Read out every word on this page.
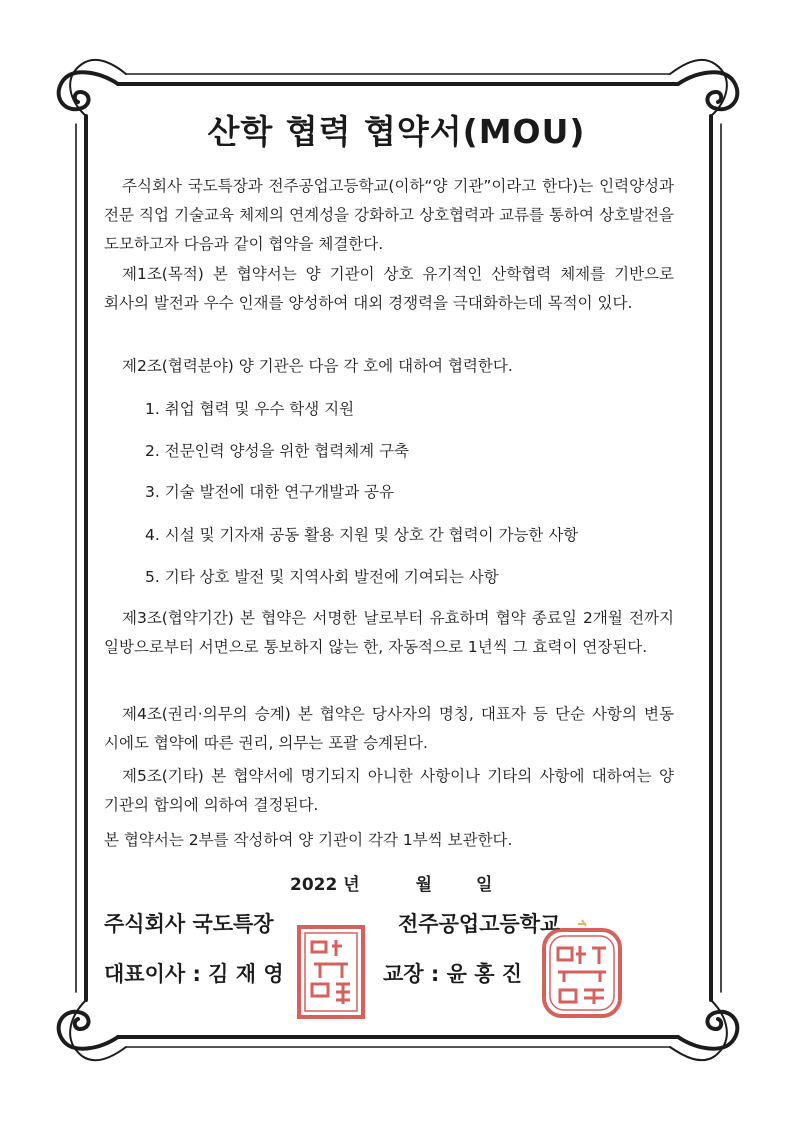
산학 협력 협약서(MOU)
주식회사 국도특장과 전주공업고등학교(이하“양 기관”이라고 한다)는 인력양성과 전문 직업 기술교육 체제의 연계성을 강화하고 상호협력과 교류를 통하여 상호발전을 도모하고자 다음과 같이 협약을 체결한다.
제1조(목적) 본 협약서는 양 기관이 상호 유기적인 산학협력 체제를 기반으로 회사의 발전과 우수 인재를 양성하여 대외 경쟁력을 극대화하는데 목적이 있다.
제2조(협력분야) 양 기관은 다음 각 호에 대하여 협력한다.
1. 취업 협력 및 우수 학생 지원
2. 전문인력 양성을 위한 협력체계 구축
3. 기술 발전에 대한 연구개발과 공유
4. 시설 및 기자재 공동 활용 지원 및 상호 간 협력이 가능한 사항
5. 기타 상호 발전 및 지역사회 발전에 기여되는 사항
제3조(협약기간) 본 협약은 서명한 날로부터 유효하며 협약 종료일 2개월 전까지 일방으로부터 서면으로 통보하지 않는 한, 자동적으로 1년씩 그 효력이 연장된다.
제4조(권리·의무의 승계) 본 협약은 당사자의 명칭, 대표자 등 단순 사항의 변동 시에도 협약에 따른 권리, 의무는 포괄 승계된다.
제5조(기타) 본 협약서에 명기되지 아니한 사항이나 기타의 사항에 대하여는 양 기관의 합의에 의하여 결정된다.
본 협약서는 2부를 작성하여 양 기관이 각각 1부씩 보관한다.
2022 년	월	일
주식회사 국도특장
대표이사 : 김 재 영
전주공업고등학교
교장 : 윤 홍 진
